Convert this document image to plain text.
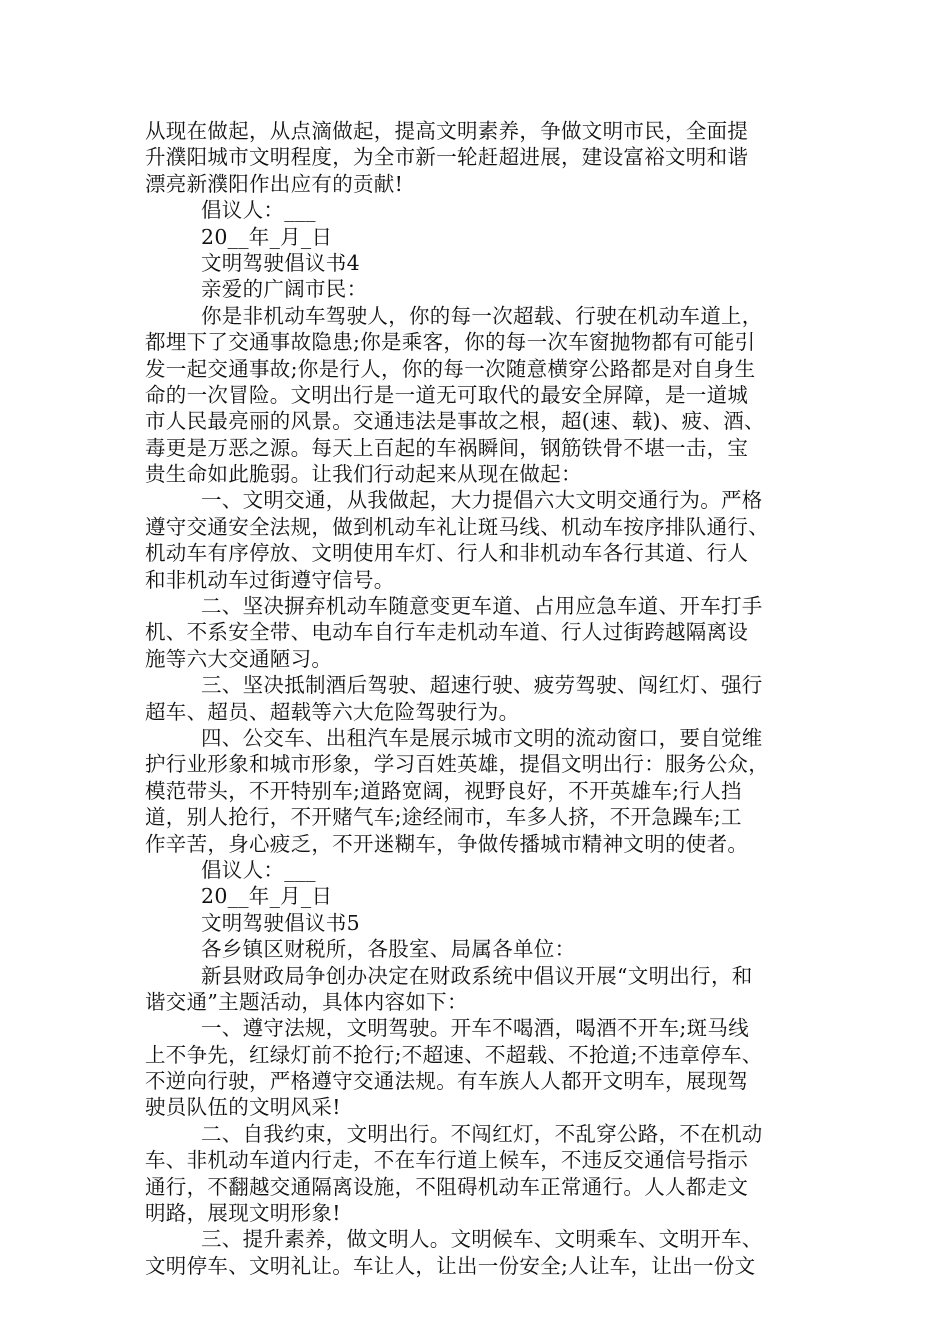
从现在做起，从点滴做起，提高文明素养，争做文明市民，全面提
升濮阳城市文明程度，为全市新一轮赶超进展，建设富裕文明和谐
漂亮新濮阳作出应有的贡献!
倡议人：___
20__年_月_日
文明驾驶倡议书4
亲爱的广阔市民：
你是非机动车驾驶人，你的每一次超载、行驶在机动车道上，
都埋下了交通事故隐患;你是乘客，你的每一次车窗抛物都有可能引
发一起交通事故;你是行人，你的每一次随意横穿公路都是对自身生
命的一次冒险。文明出行是一道无可取代的最安全屏障，是一道城
市人民最亮丽的风景。交通违法是事故之根，超(速、载)、疲、酒、
毒更是万恶之源。每天上百起的车祸瞬间，钢筋铁骨不堪一击，宝
贵生命如此脆弱。让我们行动起来从现在做起：
一、文明交通，从我做起，大力提倡六大文明交通行为。严格
遵守交通安全法规，做到机动车礼让斑马线、机动车按序排队通行、
机动车有序停放、文明使用车灯、行人和非机动车各行其道、行人
和非机动车过街遵守信号。
二、坚决摒弃机动车随意变更车道、占用应急车道、开车打手
机、不系安全带、电动车自行车走机动车道、行人过街跨越隔离设
施等六大交通陋习。
三、坚决抵制酒后驾驶、超速行驶、疲劳驾驶、闯红灯、强行
超车、超员、超载等六大危险驾驶行为。
四、公交车、出租汽车是展示城市文明的流动窗口，要自觉维
护行业形象和城市形象，学习百姓英雄，提倡文明出行：服务公众，
模范带头，不开特别车;道路宽阔，视野良好，不开英雄车;行人挡
道，别人抢行，不开赌气车;途经闹市，车多人挤，不开急躁车;工
作辛苦，身心疲乏，不开迷糊车，争做传播城市精神文明的使者。
倡议人：___
20__年_月_日
文明驾驶倡议书5
各乡镇区财税所，各股室、局属各单位：
新县财政局争创办决定在财政系统中倡议开展“文明出行，和
谐交通”主题活动，具体内容如下：
一、遵守法规，文明驾驶。开车不喝酒，喝酒不开车;斑马线
上不争先，红绿灯前不抢行;不超速、不超载、不抢道;不违章停车、
不逆向行驶，严格遵守交通法规。有车族人人都开文明车，展现驾
驶员队伍的文明风采!
二、自我约束，文明出行。不闯红灯，不乱穿公路，不在机动
车、非机动车道内行走，不在车行道上候车，不违反交通信号指示
通行，不翻越交通隔离设施，不阻碍机动车正常通行。人人都走文
明路，展现文明形象!
三、提升素养，做文明人。文明候车、文明乘车、文明开车、
文明停车、文明礼让。车让人，让出一份安全;人让车，让出一份文
